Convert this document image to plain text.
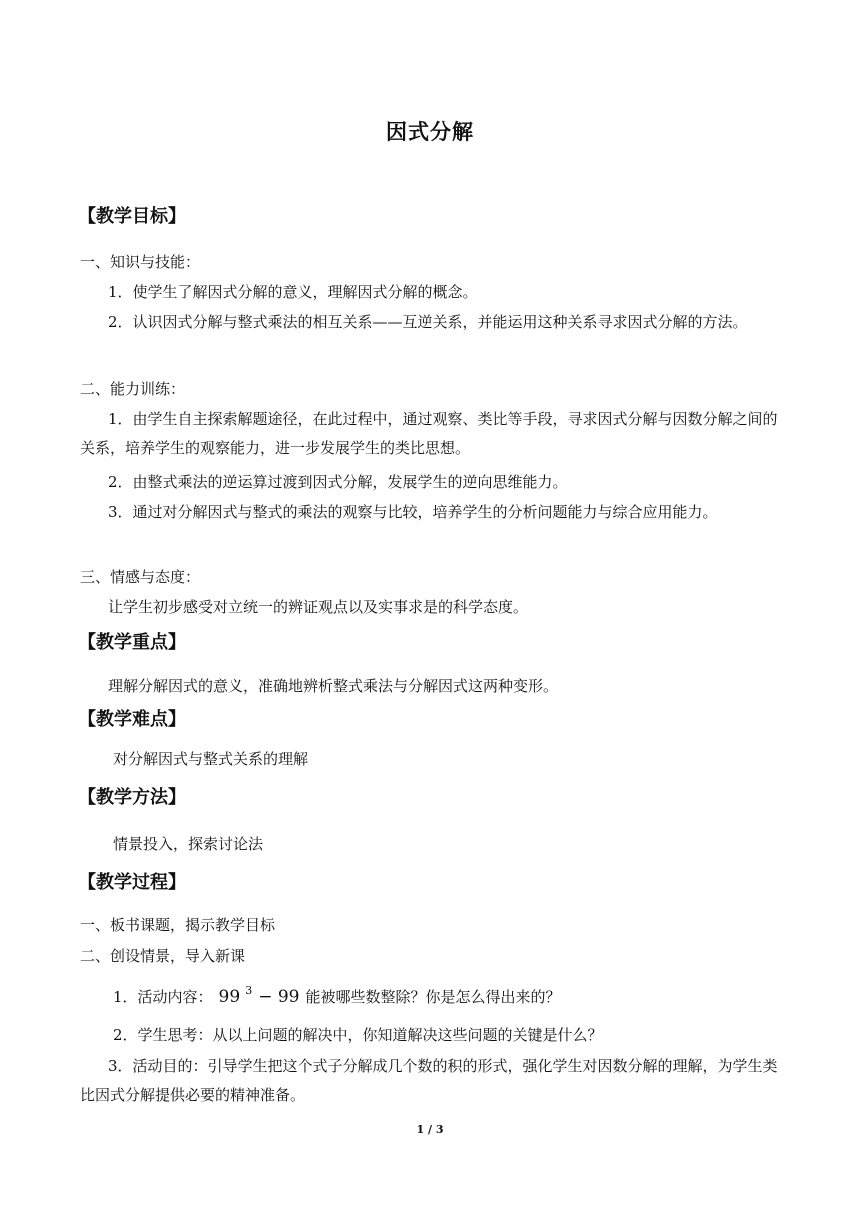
因式分解
【教学目标】
一、知识与技能：
1．使学生了解因式分解的意义，理解因式分解的概念。
2．认识因式分解与整式乘法的相互关系——互逆关系，并能运用这种关系寻求因式分解的方法。
二、能力训练：
1．由学生自主探索解题途径，在此过程中，通过观察、类比等手段，寻求因式分解与因数分解之间的关系，培养学生的观察能力，进一步发展学生的类比思想。
2．由整式乘法的逆运算过渡到因式分解，发展学生的逆向思维能力。
3．通过对分解因式与整式的乘法的观察与比较，培养学生的分析问题能力与综合应用能力。
三、情感与态度：
让学生初步感受对立统一的辨证观点以及实事求是的科学态度。
【教学重点】
理解分解因式的意义，准确地辨析整式乘法与分解因式这两种变形。
【教学难点】
对分解因式与整式关系的理解
【教学方法】
情景投入，探索讨论法
【教学过程】
一、板书课题，揭示教学目标
二、创设情景，导入新课
1．活动内容： 99 $^3$ − 99 能被哪些数整除？你是怎么得出来的？
2．学生思考：从以上问题的解决中，你知道解决这些问题的关键是什么？
3．活动目的：引导学生把这个式子分解成几个数的积的形式，强化学生对因数分解的理解，为学生类比因式分解提供必要的精神准备。
1 / 3
